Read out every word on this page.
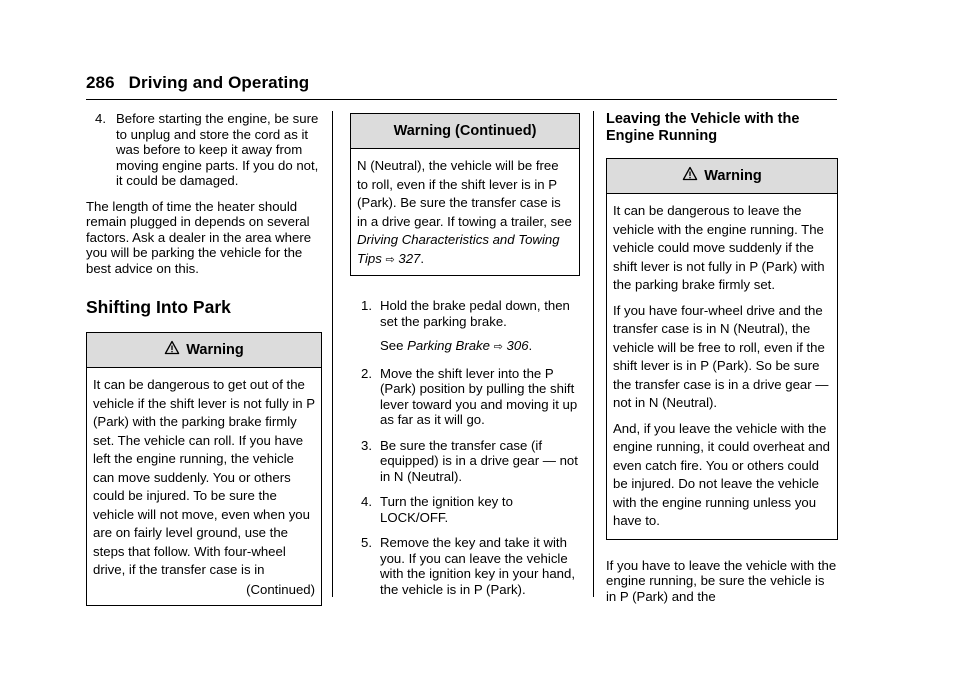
286 Driving and Operating
4. Before starting the engine, be sure to unplug and store the cord as it was before to keep it away from moving engine parts. If you do not, it could be damaged.

The length of time the heater should remain plugged in depends on several factors. Ask a dealer in the area where you will be parking the vehicle for the best advice on this.

Shifting Into Park
Warning

It can be dangerous to get out of the vehicle if the shift lever is not fully in P (Park) with the parking brake firmly set. The vehicle can roll. If you have left the engine running, the vehicle can move suddenly. You or others could be injured. To be sure the vehicle will not move, even when you are on fairly level ground, use the steps that follow. With four-wheel drive, if the transfer case is in

(Continued)
Warning (Continued)

N (Neutral), the vehicle will be free to roll, even if the shift lever is in P (Park). Be sure the transfer case is in a drive gear. If towing a trailer, see Driving Characteristics and Towing Tips ⇨ 327.

1. Hold the brake pedal down, then set the parking brake.

See Parking Brake ⇨ 306.

2. Move the shift lever into the P (Park) position by pulling the shift lever toward you and moving it up as far as it will go.

3. Be sure the transfer case (if equipped) is in a drive gear — not in N (Neutral).

4. Turn the ignition key to LOCK/OFF.

5. Remove the key and take it with you. If you can leave the vehicle with the ignition key in your hand, the vehicle is in P (Park).

Leaving the Vehicle with the Engine Running
Warning

It can be dangerous to leave the vehicle with the engine running. The vehicle could move suddenly if the shift lever is not fully in P (Park) with the parking brake firmly set.

If you have four-wheel drive and the transfer case is in N (Neutral), the vehicle will be free to roll, even if the shift lever is in P (Park). So be sure the transfer case is in a drive gear — not in N (Neutral).

And, if you leave the vehicle with the engine running, it could overheat and even catch fire. You or others could be injured. Do not leave the vehicle with the engine running unless you have to.

If you have to leave the vehicle with the engine running, be sure the vehicle is in P (Park) and the
